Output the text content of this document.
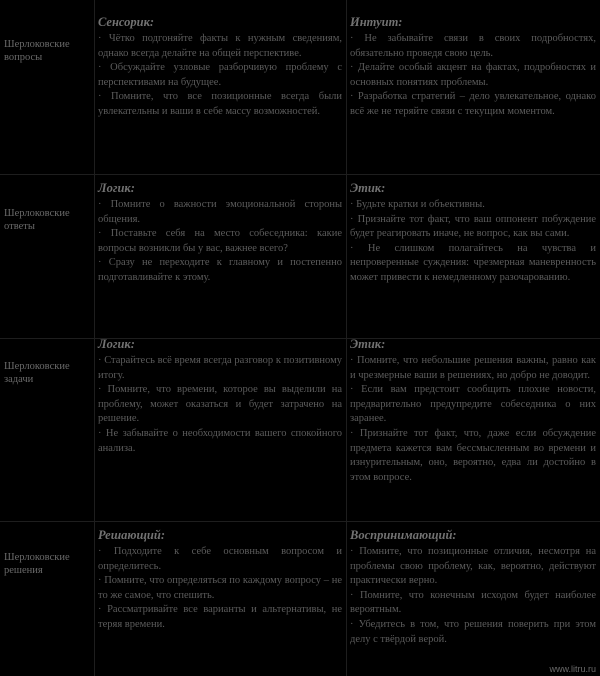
Шерлоковские вопросы
Сенсорик:

· Чётко подгоняйте факты к нужным сведениям, однако всегда делайте на общей перспективе.

· Обсуждайте узловые разборчивую проблему с перспективами на будущее.

· Помните, что все позиционные всегда были увлекательны и ваши в себе массу возможностей.

Интуит:

· Не забывайте связи в своих подробностях, обязательно проведя свою цель.

· Делайте особый акцент на фактах, подробностях и основных понятиях проблемы.

· Разработка стратегий – дело увлекательное, однако всё же не теряйте связи с текущим моментом.

Шерлоковские ответы
Логик:

· Помните о важности эмоциональной стороны общения.

· Поставьте себя на место собеседника: какие вопросы возникли бы у вас, важнее всего?

· Сразу не переходите к главному и постепенно подготавливайте к этому.

Этик:

· Будьте кратки и объективны.

· Признайте тот факт, что ваш оппонент побуждение будет реагировать иначе, не вопрос, как вы сами.

· Не слишком полагайтесь на чувства и непроверенные суждения: чрезмерная маневренность может привести к немедленному разочарованию.

Шерлоковские задачи
Логик:

· Старайтесь всё время всегда разговор к позитивному итогу.

· Помните, что времени, которое вы выделили на проблему, может оказаться и будет затрачено на решение.

· Не забывайте о необходимости вашего спокойного анализа.

Этик:

· Помните, что небольшие решения важны, равно как и чрезмерные ваши в решениях, но добро не доводит.

· Если вам предстоит сообщить плохие новости, предварительно предупредите собеседника о них заранее.

· Признайте тот факт, что, даже если обсуждение предмета кажется вам бессмысленным во времени и изнурительным, оно, вероятно, едва ли достойно в этом вопросе.

Шерлоковские решения
Решающий:

· Подходите к себе основным вопросом и определитесь.

· Помните, что определяться по каждому вопросу – не то же самое, что спешить.

· Рассматривайте все варианты и альтернативы, не теряя времени.

Воспринимающий:

· Помните, что позиционные отличия, несмотря на проблемы свою проблему, как, вероятно, действуют практически верно.

· Помните, что конечным исходом будет наиболее вероятным.

· Убедитесь в том, что решения поверить при этом делу с твёрдой верой.

www.litru.ru
